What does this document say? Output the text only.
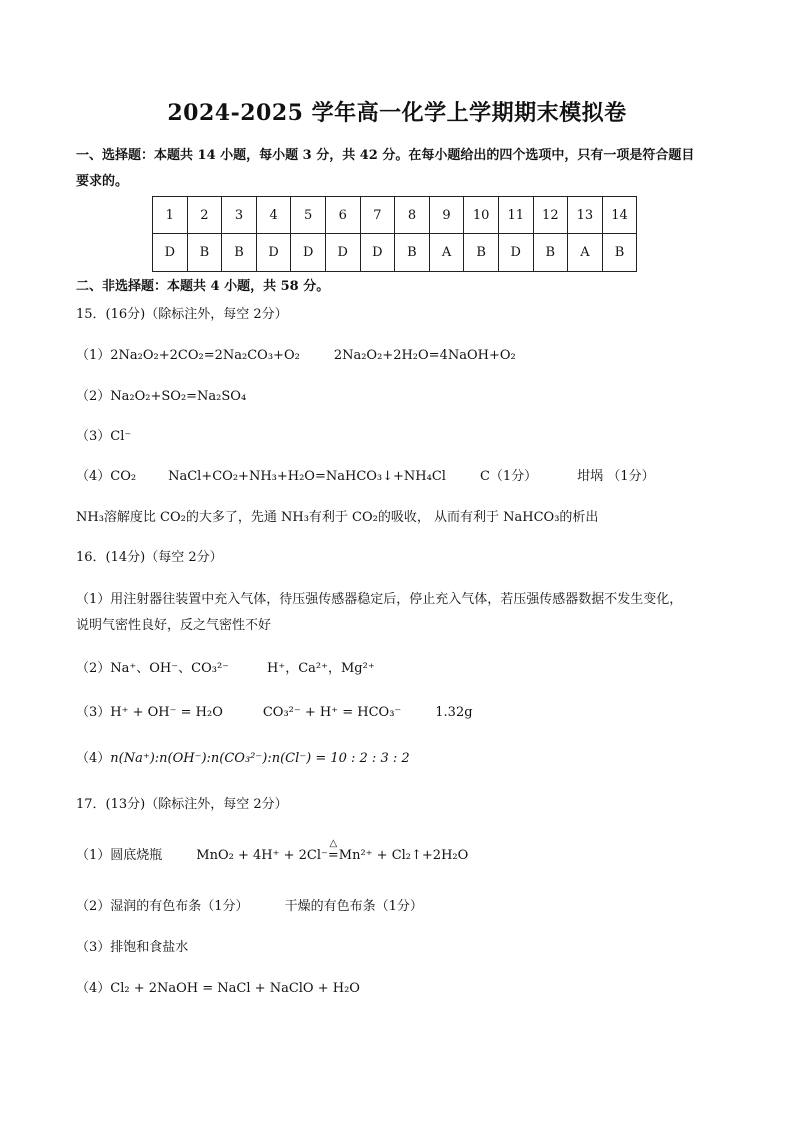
2024-2025 学年高一化学上学期期末模拟卷
一、选择题：本题共 14 小题，每小题 3 分，共 42 分。在每小题给出的四个选项中，只有一项是符合题目
要求的。
1	2	3	4	5	6	7	8	9	10	11	12	13	14
D	B	B	D	D	D	D	B	A	B	D	B	A	B
二、非选择题：本题共 4 小题，共 58 分。
15．(16分)（除标注外，每空 2分）
（1）2Na₂O₂+2CO₂=2Na₂CO₃+O₂	2Na₂O₂+2H₂O=4NaOH+O₂
（2）Na₂O₂+SO₂=Na₂SO₄
（3）Cl⁻
（4）CO₂ NaCl+CO₂+NH₃+H₂O=NaHCO₃↓+NH₄Cl	C（1分）	坩埚 （1分）
NH₃溶解度比 CO₂的大多了，先通 NH₃有利于 CO₂的吸收， 从而有利于 NaHCO₃的析出
16．(14分)（每空 2分）
（1）用注射器往装置中充入气体，待压强传感器稳定后，停止充入气体，若压强传感器数据不发生变化，
说明气密性良好，反之气密性不好
（2）Na⁺、OH⁻、CO₃²⁻	H⁺，Ca²⁺，Mg²⁺
（3）H⁺ + OH⁻ = H₂O	CO₃²⁻ + H⁺ = HCO₃⁻	1.32g
（4）n(Na⁺):n(OH⁻):n(CO₃²⁻):n(Cl⁻) = 10 : 2 : 3 : 2
17．(13分)（除标注外，每空 2分）
（1）圆底烧瓶	MnO₂ + 4H⁺ + 2Cl⁻
△
=Mn²⁺ + Cl₂↑+2H₂O
（2）湿润的有色布条（1分）	干燥的有色布条（1分）
（3）排饱和食盐水
（4）Cl₂ + 2NaOH = NaCl + NaClO + H₂O
